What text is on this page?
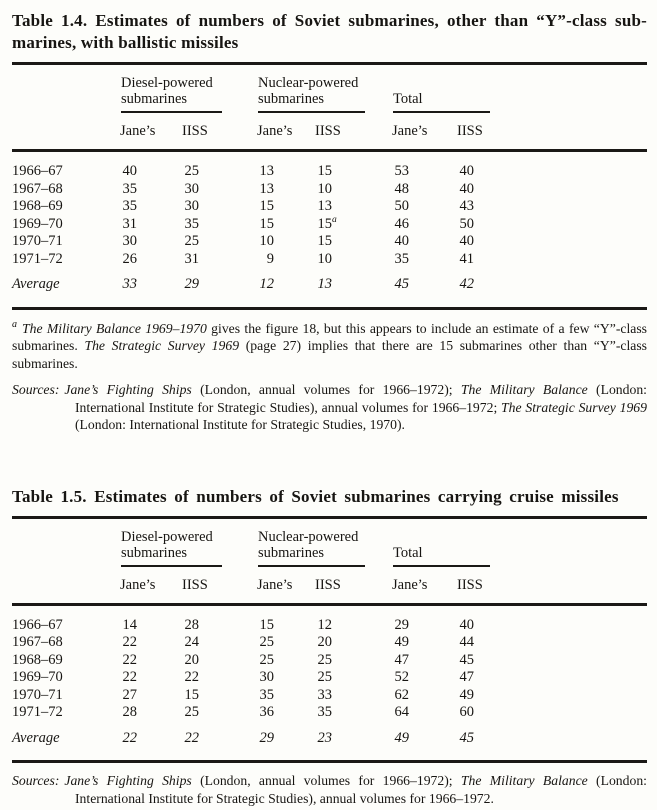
Table 1.4. Estimates of numbers of Soviet submarines, other than “Y”-class sub-
marines, with ballistic missiles

	Diesel-powered submarines		Nuclear-powered submarines		Total		

	Jane’s	IISS	Jane’s	IISS	Jane’s	IISS	
1966–67	40	25	13	15	53	40	
1967–68	35	30	13	10	48	40	
1968–69	35	30	15	13	50	43	
1969–70	31	35	15	15$^a$	46	50	
1970–71	30	25	10	15	40	40	
1971–72	26	31	9	10	35	41	
Average	33	29	12	13	45	42	

$^a$ The Military Balance 1969–1970 gives the figure 18, but this appears to include an estimate of a few “Y”-class submarines. The Strategic Survey 1969 (page 27) implies that there are 15 submarines other than “Y”-class submarines.

Sources: Jane’s Fighting Ships (London, annual volumes for 1966–1972); The Military Balance (London: International Institute for Strategic Studies), annual volumes for 1966–1972; The Strategic Survey 1969 (London: International Institute for Strategic Studies, 1970).

Table 1.5. Estimates of numbers of Soviet submarines carrying cruise missiles

	Diesel-powered submarines		Nuclear-powered submarines		Total		

	Jane’s	IISS	Jane’s	IISS	Jane’s	IISS	
1966–67	14	28	15	12	29	40	
1967–68	22	24	25	20	49	44	
1968–69	22	20	25	25	47	45	
1969–70	22	22	30	25	52	47	
1970–71	27	15	35	33	62	49	
1971–72	28	25	36	35	64	60	
Average	22	22	29	23	49	45	

Sources: Jane’s Fighting Ships (London, annual volumes for 1966–1972); The Military Balance (London: International Institute for Strategic Studies), annual volumes for 1966–1972.
